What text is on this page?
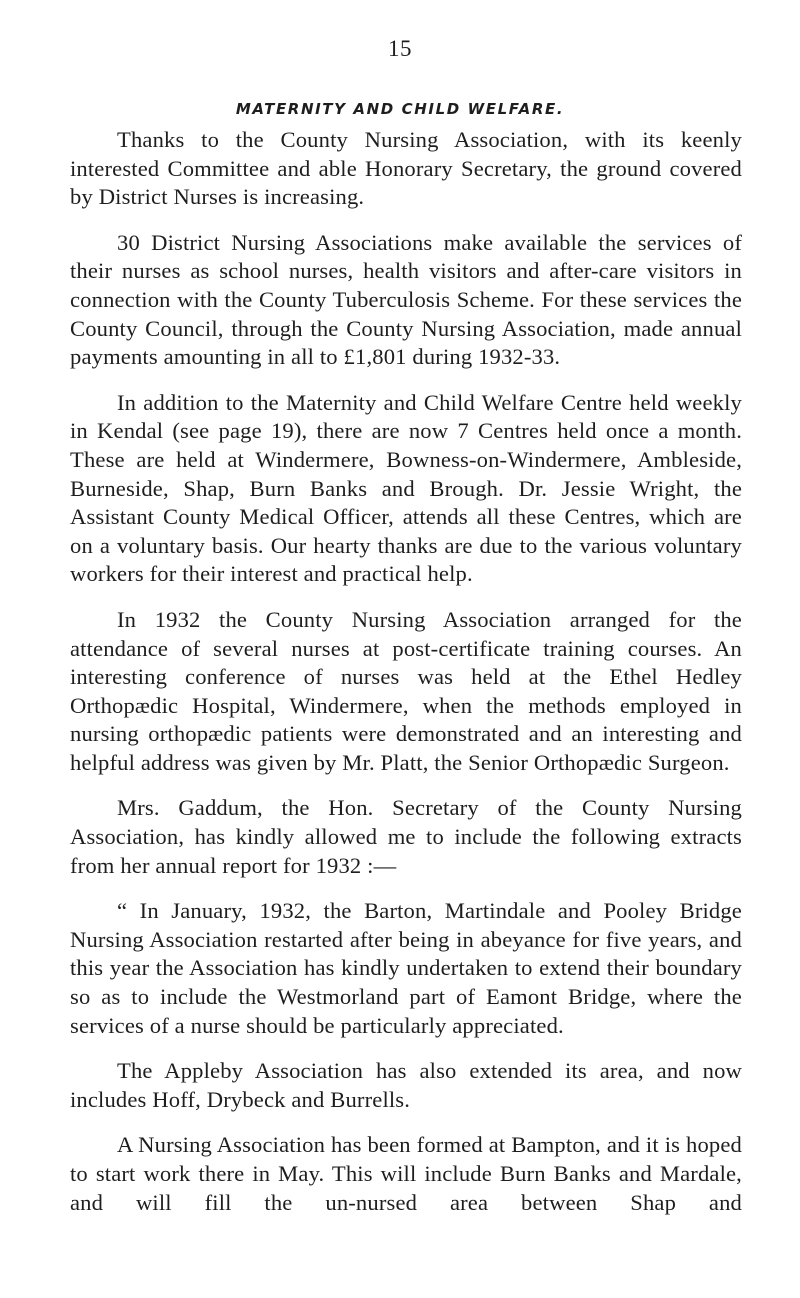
15
MATERNITY AND CHILD WELFARE.

Thanks to the County Nursing Association, with its keenly interested Committee and able Honorary Secretary, the ground covered by District Nurses is increasing.

30 District Nursing Associations make available the services of their nurses as school nurses, health visitors and after-care visitors in connection with the County Tuberculosis Scheme. For these services the County Council, through the County Nursing Association, made annual payments amounting in all to £1,801 during 1932-33.

In addition to the Maternity and Child Welfare Centre held weekly in Kendal (see page 19), there are now 7 Centres held once a month. These are held at Windermere, Bowness-on-Windermere, Ambleside, Burneside, Shap, Burn Banks and Brough. Dr. Jessie Wright, the Assistant County Medical Officer, attends all these Centres, which are on a voluntary basis. Our hearty thanks are due to the various voluntary workers for their interest and practical help.

In 1932 the County Nursing Association arranged for the attendance of several nurses at post-certificate training courses. An interesting conference of nurses was held at the Ethel Hedley Orthopædic Hospital, Windermere, when the methods employed in nursing orthopædic patients were demonstrated and an interesting and helpful address was given by Mr. Platt, the Senior Orthopædic Surgeon.

Mrs. Gaddum, the Hon. Secretary of the County Nursing Association, has kindly allowed me to include the following extracts from her annual report for 1932 :—

“ In January, 1932, the Barton, Martindale and Pooley Bridge Nursing Association restarted after being in abeyance for five years, and this year the Association has kindly undertaken to extend their boundary so as to include the Westmorland part of Eamont Bridge, where the services of a nurse should be particularly appreciated.

The Appleby Association has also extended its area, and now includes Hoff, Drybeck and Burrells.

A Nursing Association has been formed at Bampton, and it is hoped to start work there in May. This will include Burn Banks and Mardale, and will fill the un-nursed area between Shap and
